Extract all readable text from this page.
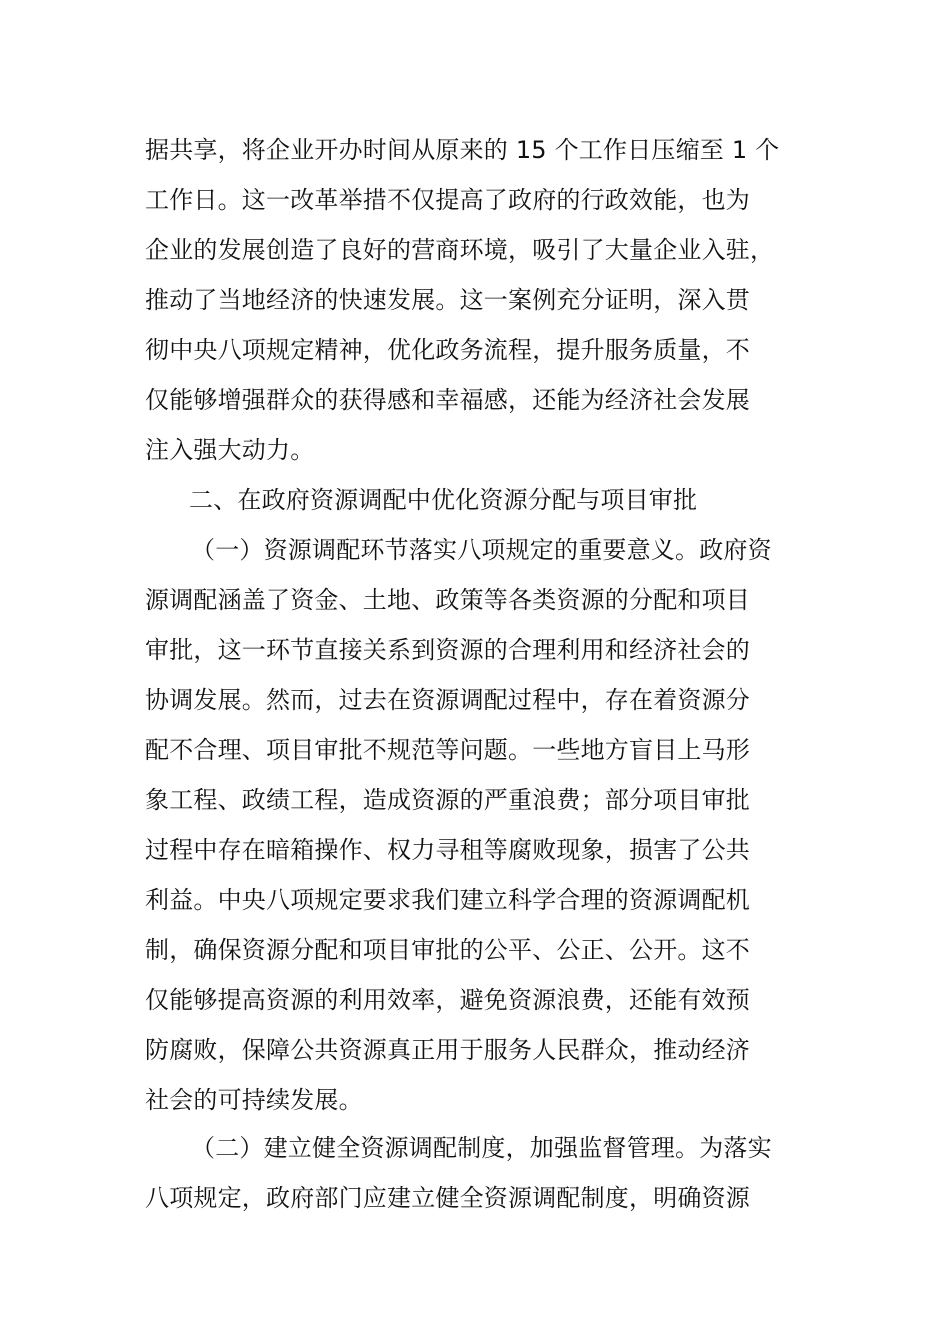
据共享，将企业开办时间从原来的 15 个工作日压缩至 1 个
工作日。这一改革举措不仅提高了政府的行政效能，也为
企业的发展创造了良好的营商环境，吸引了大量企业入驻，
推动了当地经济的快速发展。这一案例充分证明，深入贯
彻中央八项规定精神，优化政务流程，提升服务质量，不
仅能够增强群众的获得感和幸福感，还能为经济社会发展
注入强大动力。
二、在政府资源调配中优化资源分配与项目审批
（一）资源调配环节落实八项规定的重要意义。政府资
源调配涵盖了资金、土地、政策等各类资源的分配和项目
审批，这一环节直接关系到资源的合理利用和经济社会的
协调发展。然而，过去在资源调配过程中，存在着资源分
配不合理、项目审批不规范等问题。一些地方盲目上马形
象工程、政绩工程，造成资源的严重浪费；部分项目审批
过程中存在暗箱操作、权力寻租等腐败现象，损害了公共
利益。中央八项规定要求我们建立科学合理的资源调配机
制，确保资源分配和项目审批的公平、公正、公开。这不
仅能够提高资源的利用效率，避免资源浪费，还能有效预
防腐败，保障公共资源真正用于服务人民群众，推动经济
社会的可持续发展。
（二）建立健全资源调配制度，加强监督管理。为落实
八项规定，政府部门应建立健全资源调配制度，明确资源
